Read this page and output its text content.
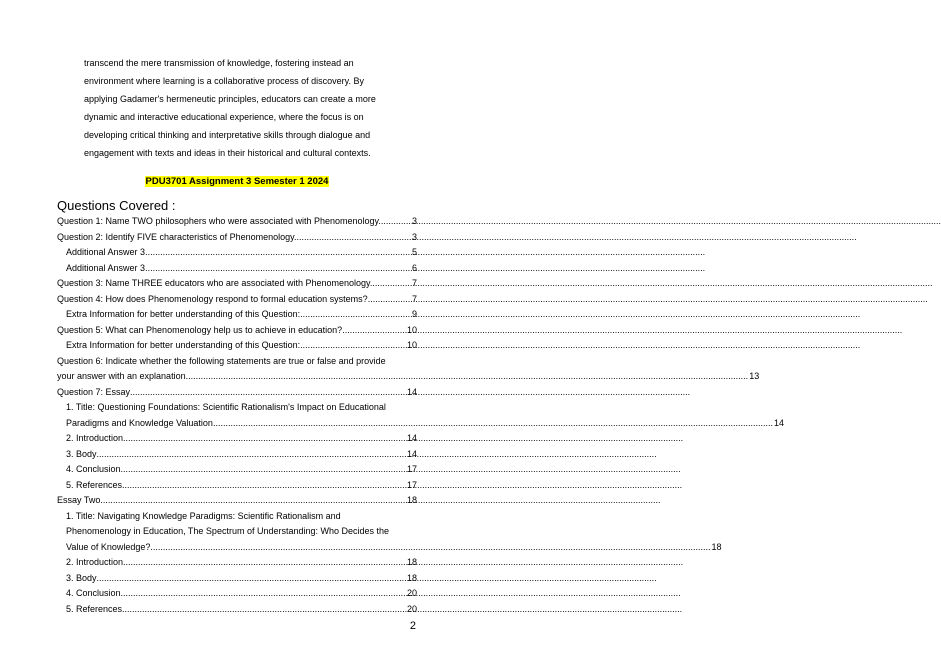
transcend the mere transmission of knowledge, fostering instead an

environment where learning is a collaborative process of discovery. By

applying Gadamer's hermeneutic principles, educators can create a more

dynamic and interactive educational experience, where the focus is on

developing critical thinking and interpretative skills through dialogue and

engagement with texts and ideas in their historical and cultural contexts.

PDU3701 Assignment 3 Semester 1 2024
Questions Covered :
Question 1: Name TWO philosophers who were associated with Phenomenology. .....	3
Question 2: Identify FIVE characteristics of Phenomenology. .....	3
Additional Answer 3 .....	5
Additional Answer 3 .....	6
Question 3: Name THREE educators who are associated with Phenomenology. .....	7
Question 4: How does Phenomenology respond to formal education systems? .....	7
Extra Information for better understanding of this Question: .....	9
Question 5: What can Phenomenology help us to achieve in education? .....	10
Extra Information for better understanding of this Question: .....	10
Question 6: Indicate whether the following statements are true or false and provide
your answer with an explanation. .....	13
Question 7: Essay .....	14
1. Title: Questioning Foundations: Scientific Rationalism's Impact on Educational
Paradigms and Knowledge Valuation .....	14
2. Introduction .....	14
3. Body .....	14
4. Conclusion .....	17
5. References .....	17
Essay Two .....	18
1. Title: Navigating Knowledge Paradigms: Scientific Rationalism and
Phenomenology in Education, The Spectrum of Understanding: Who Decides the
Value of Knowledge? .....	18
2. Introduction .....	18
3. Body .....	18
4. Conclusion .....	20
5. References .....	20
2
